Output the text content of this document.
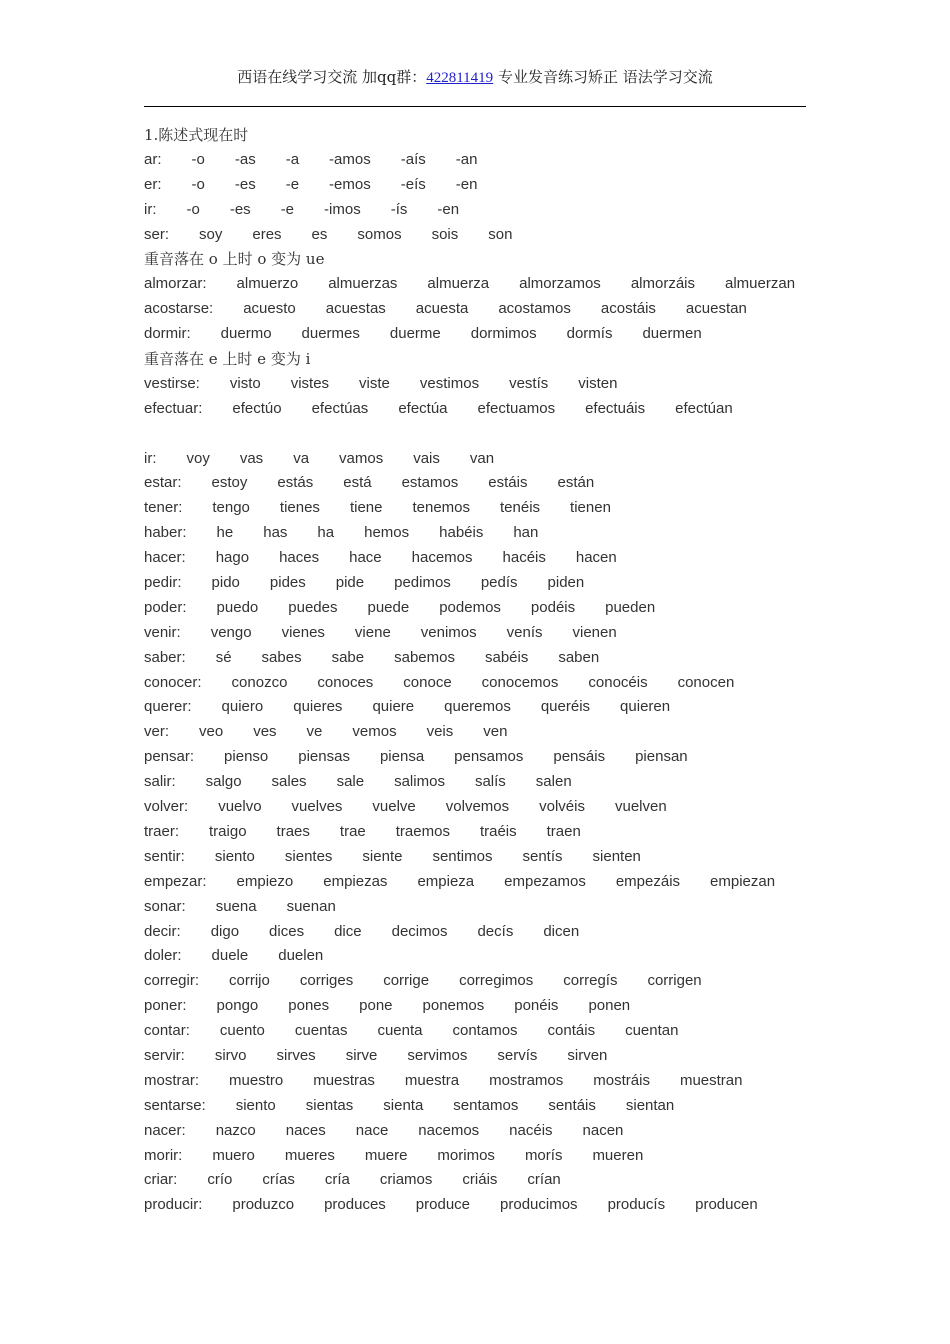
西语在线学习交流 加qq群：422811419 专业发音练习矫正 语法学习交流
1.陈述式现在时
ar: -o -as -a -amos -aís -an
er: -o -es -e -emos -eís -en
ir: -o -es -e -imos -ís -en
ser: soy eres es somos sois son
重音落在 o 上时 o 变为 ue
almorzar: almuerzo almuerzas almuerza almorzamos almorzáis almuerzan
acostarse: acuesto acuestas acuesta acostamos acostáis acuestan
dormir: duermo duermes duerme dormimos dormís duermen
重音落在 e 上时 e 变为 i
vestirse: visto vistes viste vestimos vestís visten
efectuar: efectúo efectúas efectúa efectuamos efectuáis efectúan
ir: voy vas va vamos vais van
estar: estoy estás está estamos estáis están
tener: tengo tienes tiene tenemos tenéis tienen
haber: he has ha hemos habéis han
hacer: hago haces hace hacemos hacéis hacen
pedir: pido pides pide pedimos pedís piden
poder: puedo puedes puede podemos podéis pueden
venir: vengo vienes viene venimos venís vienen
saber: sé sabes sabe sabemos sabéis saben
conocer: conozco conoces conoce conocemos conocéis conocen
querer: quiero quieres quiere queremos queréis quieren
ver: veo ves ve vemos veis ven
pensar: pienso piensas piensa pensamos pensáis piensan
salir: salgo sales sale salimos salís salen
volver: vuelvo vuelves vuelve volvemos volvéis vuelven
traer: traigo traes trae traemos traéis traen
sentir: siento sientes siente sentimos sentís sienten
empezar: empiezo empiezas empieza empezamos empezáis empiezan
sonar: suena suenan
decir: digo dices dice decimos decís dicen
doler: duele duelen
corregir: corrijo corriges corrige corregimos corregís corrigen
poner: pongo pones pone ponemos ponéis ponen
contar: cuento cuentas cuenta contamos contáis cuentan
servir: sirvo sirves sirve servimos servís sirven
mostrar: muestro muestras muestra mostramos mostráis muestran
sentarse: siento sientas sienta sentamos sentáis sientan
nacer: nazco naces nace nacemos nacéis nacen
morir: muero mueres muere morimos morís mueren
criar: crío crías cría criamos criáis crían
producir: produzco produces produce producimos producís producen
